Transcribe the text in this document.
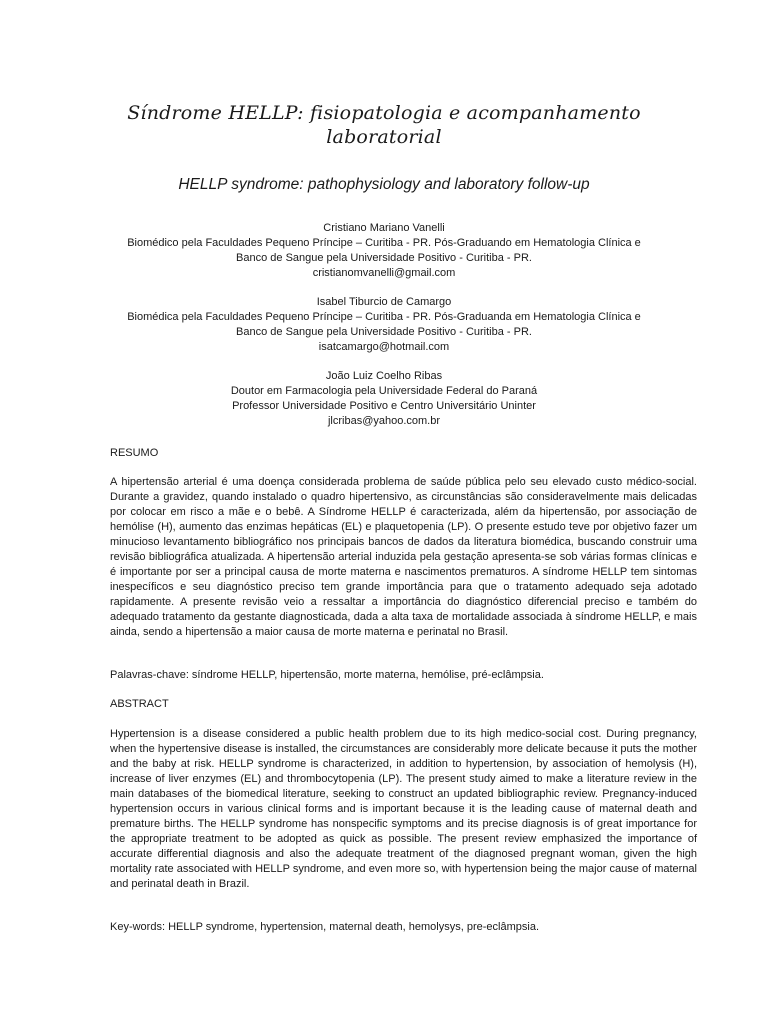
Síndrome HELLP: fisiopatologia e acompanhamento laboratorial

HELLP syndrome: pathophysiology and laboratory follow-up

Cristiano Mariano Vanelli
Biomédico pela Faculdades Pequeno Príncipe – Curitiba - PR. Pós-Graduando em Hematologia Clínica e
Banco de Sangue pela Universidade Positivo - Curitiba - PR.
cristianomvanelli@gmail.com
Isabel Tiburcio de Camargo
Biomédica pela Faculdades Pequeno Príncipe – Curitiba - PR. Pós-Graduanda em Hematologia Clínica e
Banco de Sangue pela Universidade Positivo - Curitiba - PR.
isatcamargo@hotmail.com
João Luiz Coelho Ribas
Doutor em Farmacologia pela Universidade Federal do Paraná
Professor Universidade Positivo e Centro Universitário Uninter
jlcribas@yahoo.com.br

RESUMO

A hipertensão arterial é uma doença considerada problema de saúde pública pelo seu elevado custo médico-social. Durante a gravidez, quando instalado o quadro hipertensivo, as circunstâncias são consideravelmente mais delicadas por colocar em risco a mãe e o bebê. A Síndrome HELLP é caracterizada, além da hipertensão, por associação de hemólise (H), aumento das enzimas hepáticas (EL) e plaquetopenia (LP). O presente estudo teve por objetivo fazer um minucioso levantamento bibliográfico nos principais bancos de dados da literatura biomédica, buscando construir uma revisão bibliográfica atualizada. A hipertensão arterial induzida pela gestação apresenta-se sob várias formas clínicas e é importante por ser a principal causa de morte materna e nascimentos prematuros. A síndrome HELLP tem sintomas inespecíficos e seu diagnóstico preciso tem grande importância para que o tratamento adequado seja adotado rapidamente. A presente revisão veio a ressaltar a importância do diagnóstico diferencial preciso e também do adequado tratamento da gestante diagnosticada, dada a alta taxa de mortalidade associada à síndrome HELLP, e mais ainda, sendo a hipertensão a maior causa de morte materna e perinatal no Brasil.

Palavras-chave: síndrome HELLP, hipertensão, morte materna, hemólise, pré-eclâmpsia.

ABSTRACT

Hypertension is a disease considered a public health problem due to its high medico-social cost. During pregnancy, when the hypertensive disease is installed, the circumstances are considerably more delicate because it puts the mother and the baby at risk. HELLP syndrome is characterized, in addition to hypertension, by association of hemolysis (H), increase of liver enzymes (EL) and thrombocytopenia (LP). The present study aimed to make a literature review in the main databases of the biomedical literature, seeking to construct an updated bibliographic review. Pregnancy-induced hypertension occurs in various clinical forms and is important because it is the leading cause of maternal death and premature births. The HELLP syndrome has nonspecific symptoms and its precise diagnosis is of great importance for the appropriate treatment to be adopted as quick as possible. The present review emphasized the importance of accurate differential diagnosis and also the adequate treatment of the diagnosed pregnant woman, given the high mortality rate associated with HELLP syndrome, and even more so, with hypertension being the major cause of maternal and perinatal death in Brazil.

Key-words: HELLP syndrome, hypertension, maternal death, hemolysys, pre-eclâmpsia.
